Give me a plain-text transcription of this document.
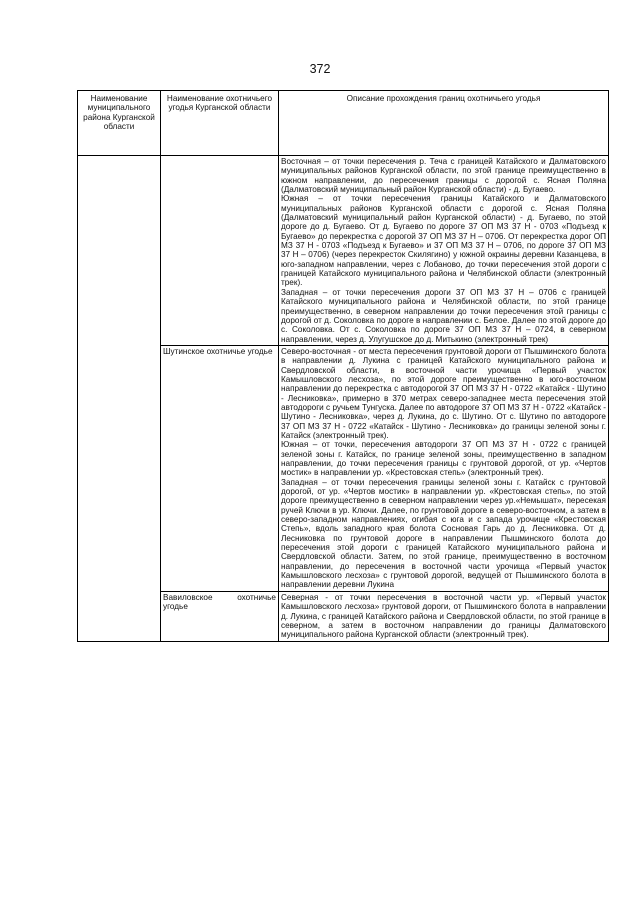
372
Наименование муниципального района Курганской области	Наименование охотничьего угодья Курганской области	Описание прохождения границ охотничьего угодья

		Восточная – от точки пересечения р. Теча с границей Катайского и Далматовского муниципальных районов Курганской области, по этой границе преимущественно в южном направлении, до пересечения границы с дорогой с. Ясная Поляна (Далматовский муниципальный район Курганской области) - д. Бугаево.

Южная – от точки пересечения границы Катайского и Далматовского муниципальных районов Курганской области с дорогой с. Ясная Поляна (Далматовский муниципальный район Курганской области) - д. Бугаево, по этой дороге до д. Бугаево. От д. Бугаево по дороге 37 ОП МЗ 37 Н - 0703 «Подъезд к Бугаево» до перекрестка с дорогой 37 ОП МЗ 37 Н – 0706. От перекрестка дорог ОП МЗ 37 Н - 0703 «Подъезд к Бугаево» и 37 ОП МЗ 37 Н – 0706, по дороге 37 ОП МЗ 37 Н – 0706) (через перекресток Скилягино) у южной окраины деревни Казанцева, в юго-западном направлении, через с Лобаново, до точки пересечения этой дороги с границей Катайского муниципального района и Челябинской области (электронный трек).

Западная – от точки пересечения дороги 37 ОП МЗ 37 Н – 0706 с границей Катайского муниципального района и Челябинской области, по этой границе преимущественно, в северном направлении до точки пересечения этой границы с дорогой от д. Соколовка по дороге в направлении с. Белое. Далее по этой дороге до с. Соколовка. От с. Соколовка по дороге 37 ОП МЗ 37 Н – 0724, в северном направлении, через д. Улугушское до д. Митькино (электронный трек)

	Шутинское охотничье угодье	Северо-восточная - от места пересечения грунтовой дороги от Пышминского болота в направлении д. Лукина с границей Катайского муниципального района и Свердловской области, в восточной части урочища «Первый участок Камышловского лесхоза», по этой дороге преимущественно в юго-восточном направлении до перекрестка с автодорогой 37 ОП МЗ 37 Н - 0722 «Катайск - Шутино - Лесниковка», примерно в 370 метрах северо-западнее места пересечения этой автодороги с ручьем Тунгуска. Далее по автодороге 37 ОП МЗ 37 Н - 0722 «Катайск - Шутино - Лесниковка», через д. Лукина, до с. Шутино. От с. Шутино по автодороге 37 ОП МЗ 37 Н - 0722 «Катайск - Шутино - Лесниковка» до границы зеленой зоны г. Катайск (электронный трек).

Южная – от точки, пересечения автодороги 37 ОП МЗ 37 Н - 0722 с границей зеленой зоны г. Катайск, по границе зеленой зоны, преимущественно в западном направлении, до точки пересечения границы с грунтовой дорогой, от ур. «Чертов мостик» в направлении ур. «Крестовская степь» (электронный трек).

Западная – от точки пересечения границы зеленой зоны г. Катайск с грунтовой дорогой, от ур. «Чертов мостик» в направлении ур. «Крестовская степь», по этой дороге преимущественно в северном направлении через ур.«Немышат», пересекая ручей Ключи в ур. Ключи. Далее, по грунтовой дороге в северо-восточном, а затем в северо-западном направлениях, огибая с юга и с запада урочище «Крестовская Степь», вдоль западного края болота Сосновая Гарь до д. Лесниковка. От д. Лесниковка по грунтовой дороге в направлении Пышминского болота до пересечения этой дороги с границей Катайского муниципального района и Свердловской области. Затем, по этой границе, преимущественно в восточном направлении, до пересечения в восточной части урочища «Первый участок Камышловского лесхоза» с грунтовой дорогой, ведущей от Пышминского болота в направлении деревни Лукина

	Вавиловское охотничье угодье	Северная - от точки пересечения в восточной части ур. «Первый участок Камышловского лесхоза» грунтовой дороги, от Пышминского болота в направлении д. Лукина, с границей Катайского района и Свердловской области, по этой границе в северном, а затем в восточном направлении до границы Далматовского муниципального района Курганской области (электронный трек).
